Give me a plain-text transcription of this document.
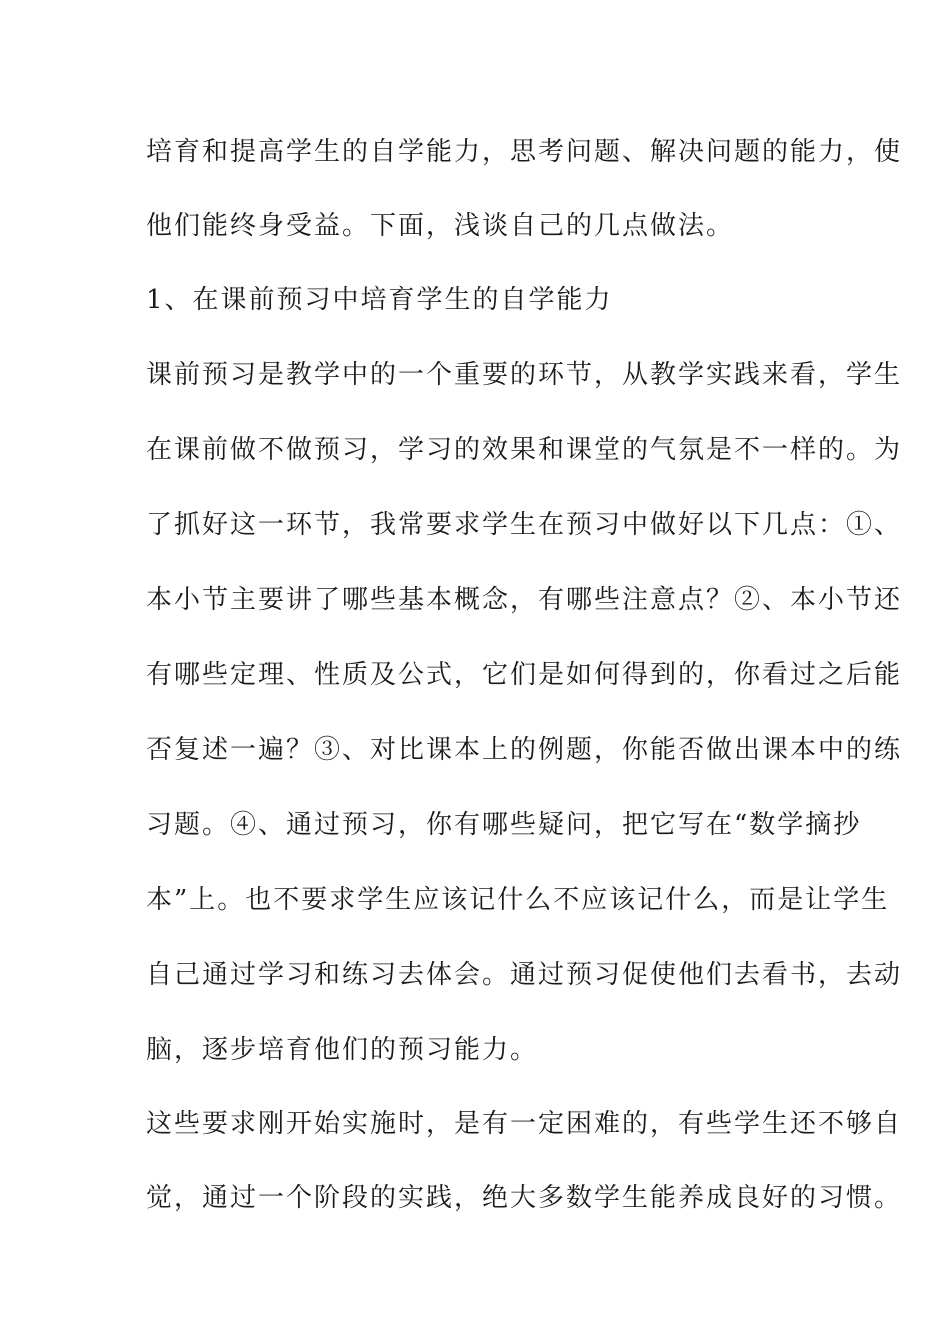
培育和提高学生的自学能力，思考问题、解决问题的能力，使
他们能终身受益。下面，浅谈自己的几点做法。
1、在课前预习中培育学生的自学能力
课前预习是教学中的一个重要的环节，从教学实践来看，学生
在课前做不做预习，学习的效果和课堂的气氛是不一样的。为
了抓好这一环节，我常要求学生在预习中做好以下几点：①、
本小节主要讲了哪些基本概念，有哪些注意点？②、本小节还
有哪些定理、性质及公式，它们是如何得到的，你看过之后能
否复述一遍？③、对比课本上的例题，你能否做出课本中的练
习题。④、通过预习，你有哪些疑问，把它写在“数学摘抄
本”上。也不要求学生应该记什么不应该记什么，而是让学生
自己通过学习和练习去体会。通过预习促使他们去看书，去动
脑，逐步培育他们的预习能力。
这些要求刚开始实施时，是有一定困难的，有些学生还不够自
觉，通过一个阶段的实践，绝大多数学生能养成良好的习惯。
